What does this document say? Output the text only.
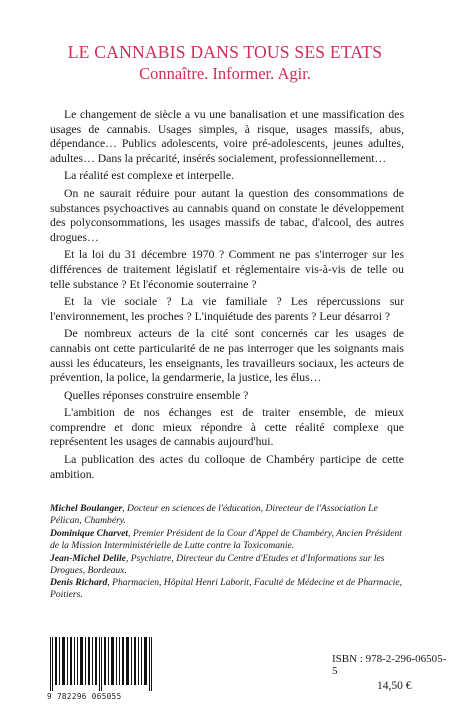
LE CANNABIS DANS TOUS SES ETATS
Connaître. Informer. Agir.

Le changement de siècle a vu une banalisation et une massification des usages de cannabis. Usages simples, à risque, usages massifs, abus, dépendance… Publics adolescents, voire pré-adolescents, jeunes adultes, adultes… Dans la précarité, insérés socialement, professionnellement…

La réalité est complexe et interpelle.

On ne saurait réduire pour autant la question des consommations de substances psychoactives au cannabis quand on constate le développement des polyconsommations, les usages massifs de tabac, d'alcool, des autres drogues…

Et la loi du 31 décembre 1970 ? Comment ne pas s'interroger sur les différences de traitement législatif et réglementaire vis-à-vis de telle ou telle substance ? Et l'économie souterraine ?

Et la vie sociale ? La vie familiale ? Les répercussions sur l'environnement, les proches ? L'inquiétude des parents ? Leur désarroi ?

De nombreux acteurs de la cité sont concernés car les usages de cannabis ont cette particularité de ne pas interroger que les soignants mais aussi les éducateurs, les enseignants, les travailleurs sociaux, les acteurs de prévention, la police, la gendarmerie, la justice, les élus…

Quelles réponses construire ensemble ?

L'ambition de nos échanges est de traiter ensemble, de mieux comprendre et donc mieux répondre à cette réalité complexe que représentent les usages de cannabis aujourd'hui.

La publication des actes du colloque de Chambéry participe de cette ambition.

Michel Boulanger, Docteur en sciences de l'éducation, Directeur de l'Association Le Pélican, Chambéry.

Dominique Charvet, Premier Président de la Cour d'Appel de Chambéry, Ancien Président de la Mission Interministérielle de Lutte contre la Toxicomanie.

Jean-Michel Delile, Psychiatre, Directeur du Centre d'Etudes et d'Informations sur les Drogues, Bordeaux.

Denis Richard, Pharmacien, Hôpital Henri Laborit, Faculté de Médecine et de Pharmacie, Poitiers.

9 782296 065055
ISBN : 978-2-296-06505-5
14,50 €
